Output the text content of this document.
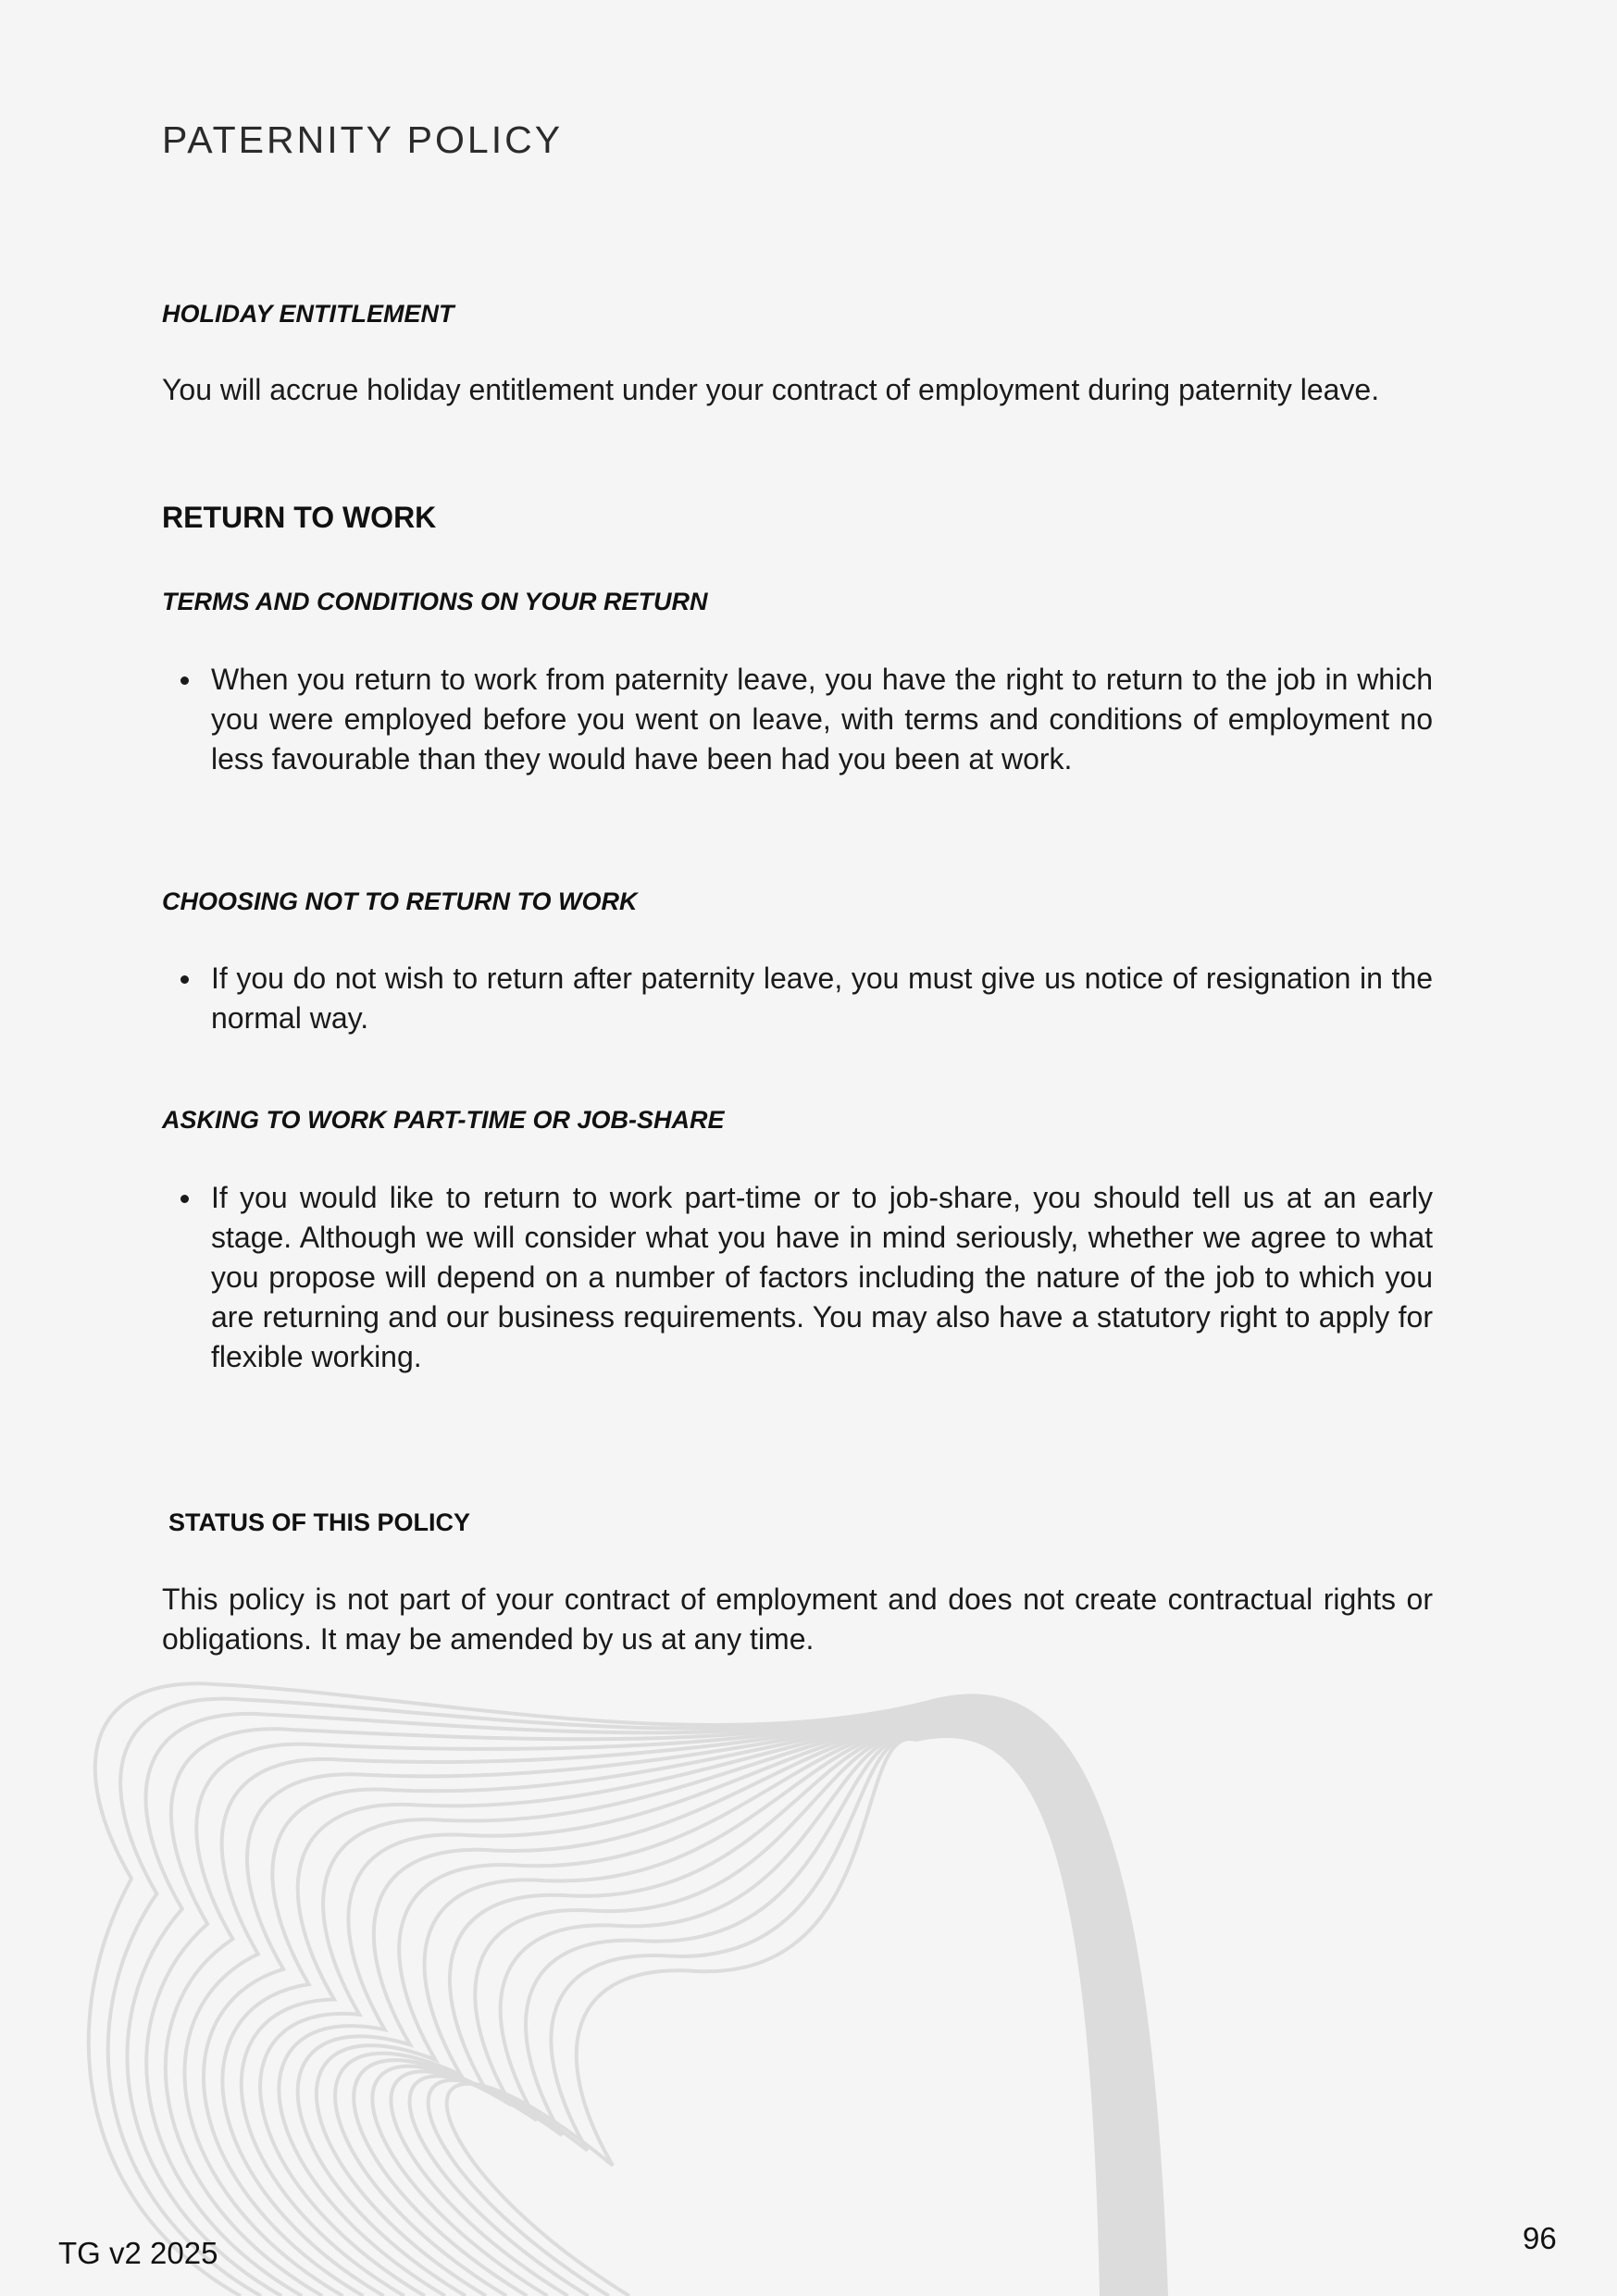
PATERNITY POLICY
HOLIDAY ENTITLEMENT

You will accrue holiday entitlement under your contract of employment during paternity leave.

RETURN TO WORK
TERMS AND CONDITIONS ON YOUR RETURN
When you return to work from paternity leave, you have the right to return to the job in which you were employed before you went on leave, with terms and conditions of employment no less favourable than they would have been had you been at work.
CHOOSING NOT TO RETURN TO WORK
If you do not wish to return after paternity leave, you must give us notice of resignation in the normal way.
ASKING TO WORK PART-TIME OR JOB-SHARE
If you would like to return to work part-time or to job-share, you should tell us at an early stage. Although we will consider what you have in mind seriously, whether we agree to what you propose will depend on a number of factors including the nature of the job to which you are returning and our business requirements. You may also have a statutory right to apply for flexible working.
STATUS OF THIS POLICY

This policy is not part of your contract of employment and does not create contractual rights or obligations. It may be amended by us at any time.

TG v2 2025	96
